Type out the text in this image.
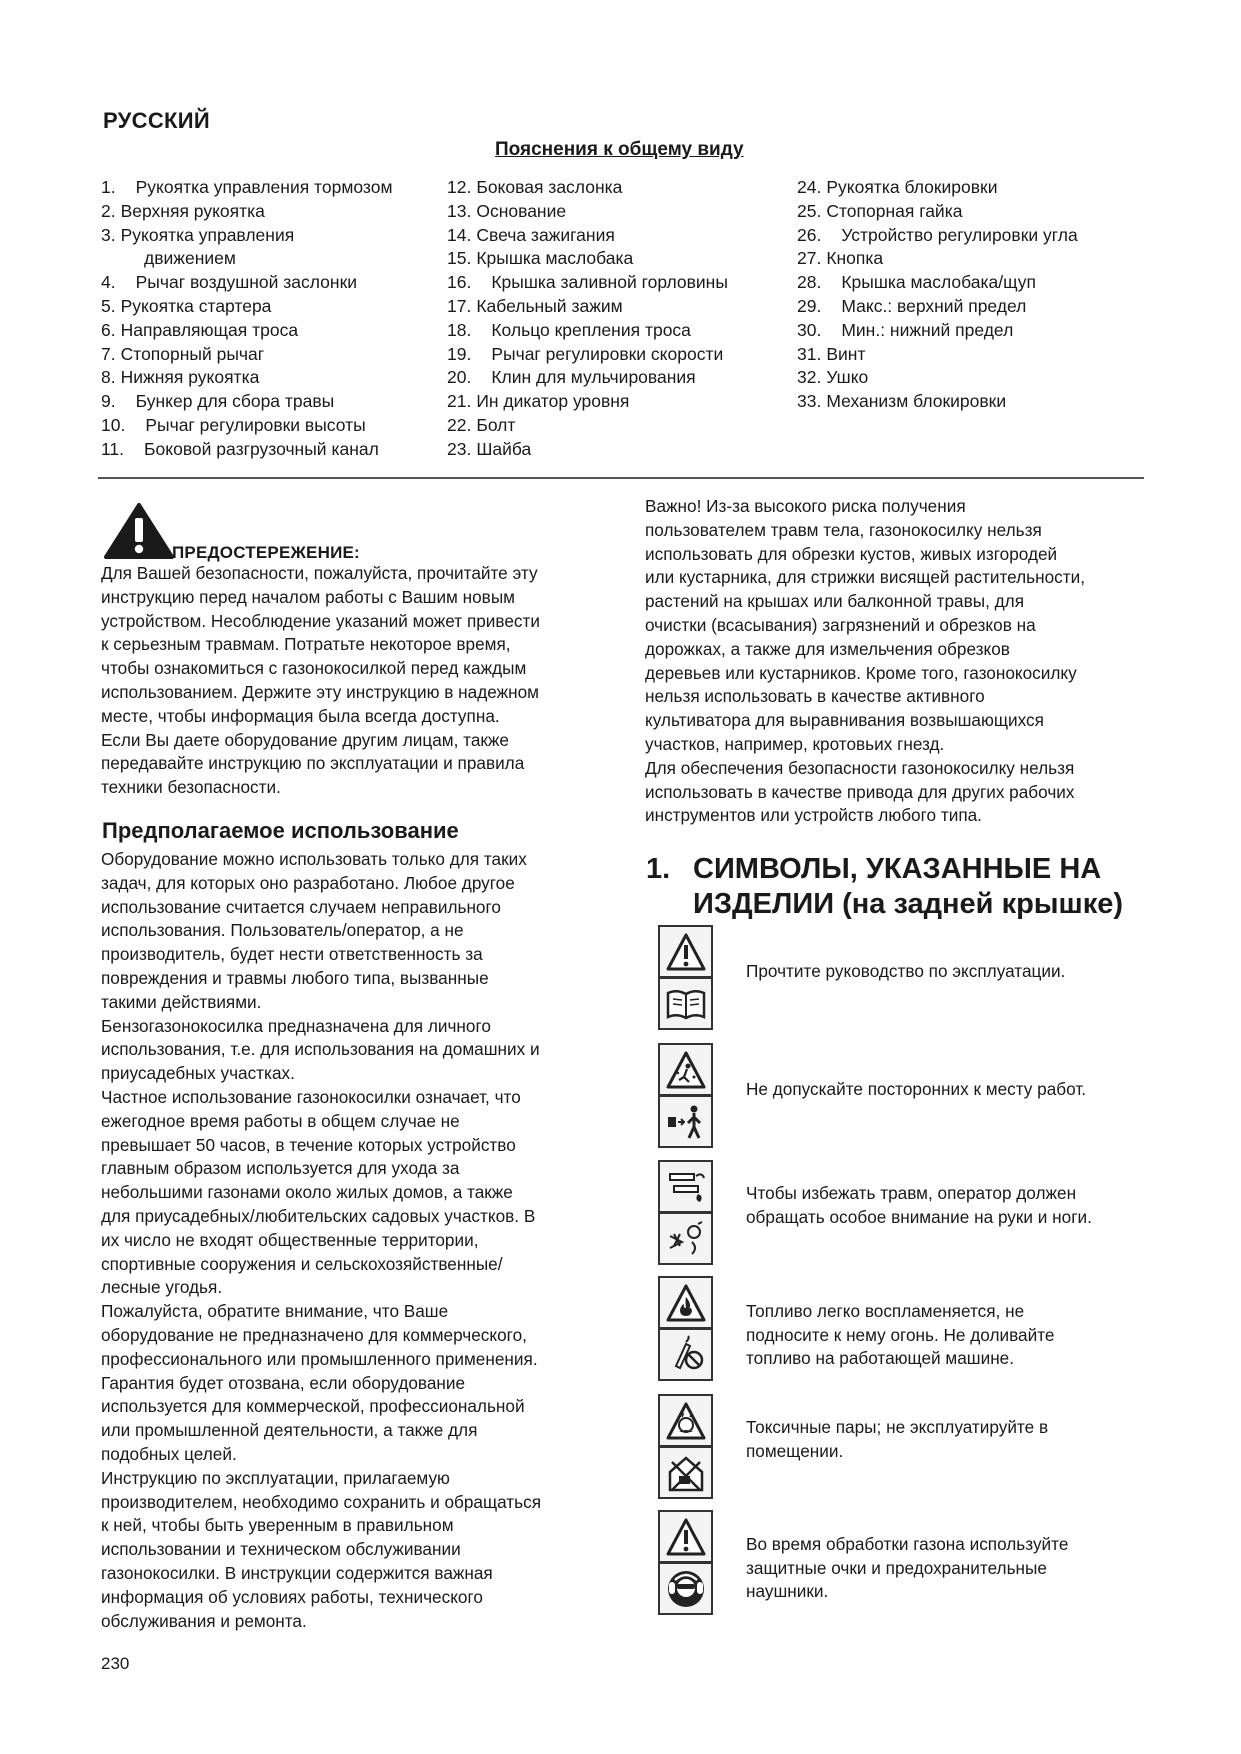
РУССКИЙ
Пояснения к общему виду
1.	Рукоятка управления тормозом
2. Верхняя рукоятка
3. Рукоятка управления
движением
4.	Рычаг воздушной заслонки
5. Рукоятка стартера
6. Направляющая троса
7. Стопорный рычаг
8. Нижняя рукоятка
9.	Бункер для сбора травы
10.	Рычаг регулировки высоты
11.	Боковой разгрузочный канал
12. Боковая заслонка
13. Основание
14. Свеча зажигания
15. Крышка маслобака
16.	Крышка заливной горловины
17. Кабельный зажим
18.	Кольцо крепления троса
19.	Рычаг регулировки скорости
20.	Клин для мульчирования
21. Ин дикатор уровня
22. Болт
23. Шайба
24. Рукоятка блокировки
25. Стопорная гайка
26.	Устройство регулировки угла
27. Кнопка
28.	Крышка маслобака/щуп
29.	Макс.: верхний предел
30.	Мин.: нижний предел
31. Винт
32. Ушко
33. Механизм блокировки
ПРЕДОСТЕРЕЖЕНИЕ:
Для Вашей безопасности, пожалуйста, прочитайте эту
инструкцию перед началом работы с Вашим новым
устройством. Несоблюдение указаний может привести
к серьезным травмам. Потратьте некоторое время,
чтобы ознакомиться с газонокосилкой перед каждым
использованием. Держите эту инструкцию в надежном
месте, чтобы информация была всегда доступна.
Если Вы даете оборудование другим лицам, также
передавайте инструкцию по эксплуатации и правила
техники безопасности.
Предполагаемое использование
Оборудование можно использовать только для таких
задач, для которых оно разработано. Любое другое
использование считается случаем неправильного
использования. Пользователь/оператор, а не
производитель, будет нести ответственность за
повреждения и травмы любого типа, вызванные
такими действиями.
Бензогазонокосилка предназначена для личного
использования, т.е. для использования на домашних и
приусадебных участках.
Частное использование газонокосилки означает, что
ежегодное время работы в общем случае не
превышает 50 часов, в течение которых устройство
главным образом используется для ухода за
небольшими газонами около жилых домов, а также
для приусадебных/любительских садовых участков. В
их число не входят общественные территории,
спортивные сооружения и сельскохозяйственные/
лесные угодья.
Пожалуйста, обратите внимание, что Ваше
оборудование не предназначено для коммерческого,
профессионального или промышленного применения.
Гарантия будет отозвана, если оборудование
используется для коммерческой, профессиональной
или промышленной деятельности, а также для
подобных целей.
Инструкцию по эксплуатации, прилагаемую
производителем, необходимо сохранить и обращаться
к ней, чтобы быть уверенным в правильном
использовании и техническом обслуживании
газонокосилки. В инструкции содержится важная
информация об условиях работы, технического
обслуживания и ремонта.
Важно! Из-за высокого риска получения
пользователем травм тела, газонокосилку нельзя
использовать для обрезки кустов, живых изгородей
или кустарника, для стрижки висящей растительности,
растений на крышах или балконной травы, для
очистки (всасывания) загрязнений и обрезков на
дорожках, а также для измельчения обрезков
деревьев или кустарников. Кроме того, газонокосилку
нельзя использовать в качестве активного
культиватора для выравнивания возвышающихся
участков, например, кротовьих гнезд.
Для обеспечения безопасности газонокосилку нельзя
использовать в качестве привода для других рабочих
инструментов или устройств любого типа.
1. СИМВОЛЫ, УКАЗАННЫЕ НА
ИЗДЕЛИИ (на задней крышке)
Прочтите руководство по эксплуатации.
Не допускайте посторонних к месту работ.
Чтобы избежать травм, оператор должен
обращать особое внимание на руки и ноги.
Топливо легко воспламеняется, не
подносите к нему огонь. Не доливайте
топливо на работающей машине.
Токсичные пары; не эксплуатируйте в
помещении.
Во время обработки газона используйте
защитные очки и предохранительные
наушники.
230
